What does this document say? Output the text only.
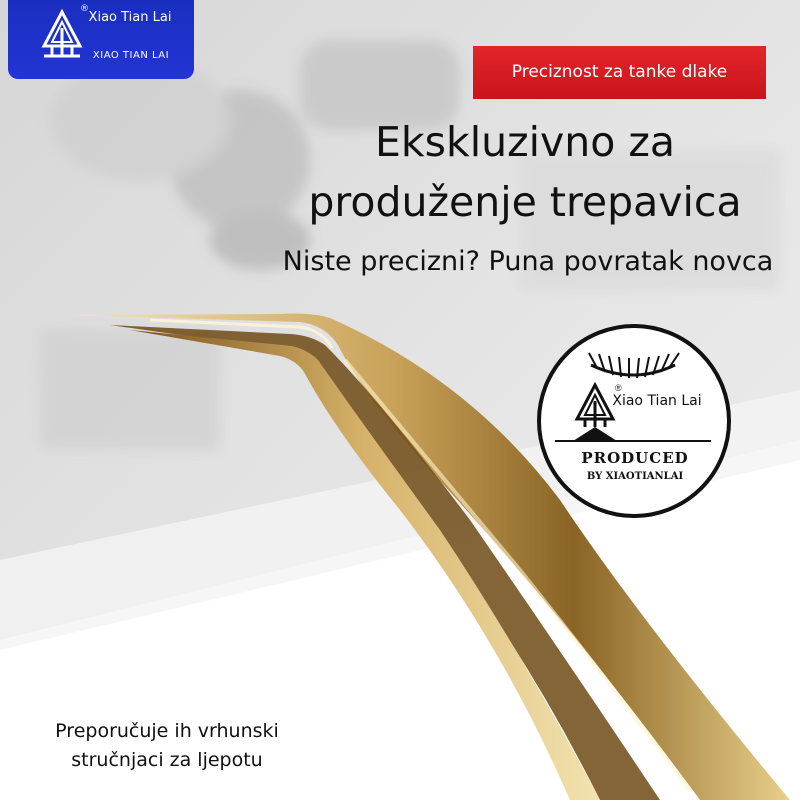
®
Xiao Tian Lai
XIAO TIAN LAI
Preciznost za tanke dlake
Ekskluzivno za
produženje trepavica
Niste precizni? Puna povratak novca
®
Xiao Tian Lai
PRODUCED
BY XIAOTIANLAI
Preporučuje ih vrhunski
stručnjaci za ljepotu
